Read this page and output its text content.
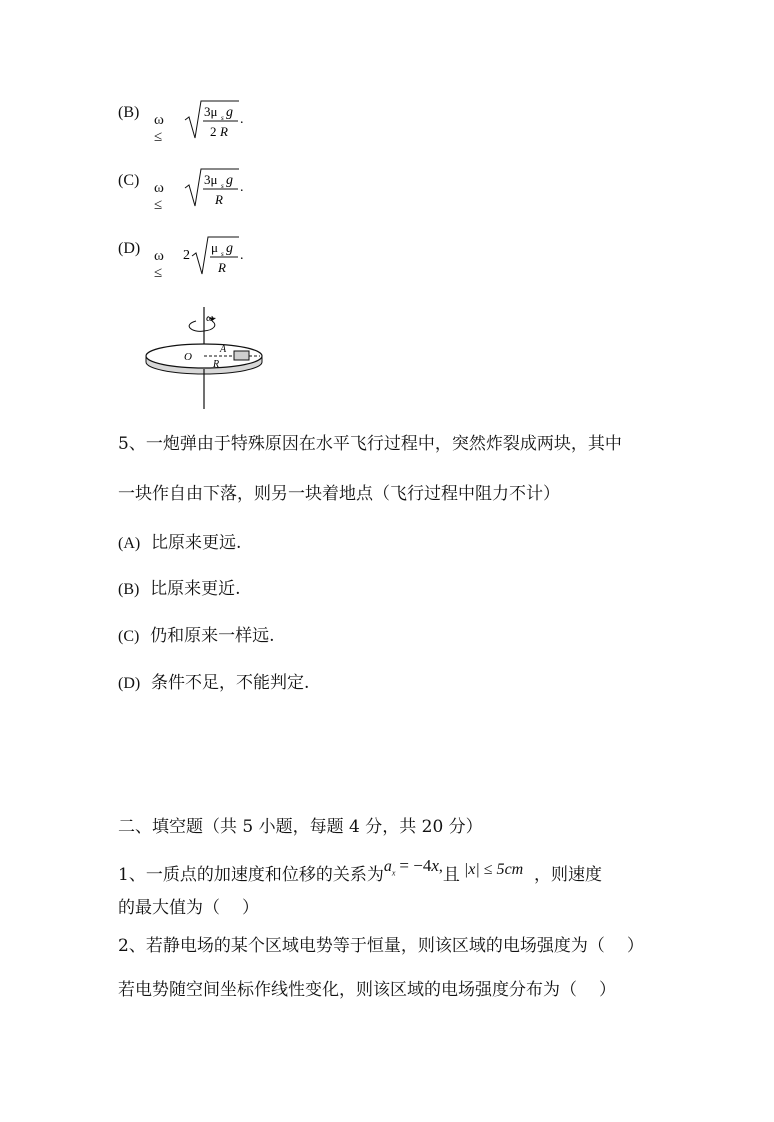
(B) ω ≤
3μ s g
2 R
.
(C) ω ≤
3μ s g
R
.
(D) ω ≤
2
μ s g
R
.
ω
O
A
R
5、一炮弹由于特殊原因在水平飞行过程中，突然炸裂成两块，其中
一块作自由下落，则另一块着地点（飞行过程中阻力不计）
(A) 比原来更远.
(B) 比原来更近.
(C) 仍和原来一样远.
(D) 条件不足，不能判定.
二、填空题（共 5 小题，每题 4 分，共 20 分）
1、一质点的加速度和位移的关系为$a_x = -4x$,且 |x| ≤ 5cm ，则速度
的最大值为（ ）
2、若静电场的某个区域电势等于恒量，则该区域的电场强度为（ ）
若电势随空间坐标作线性变化，则该区域的电场强度分布为（ ）
